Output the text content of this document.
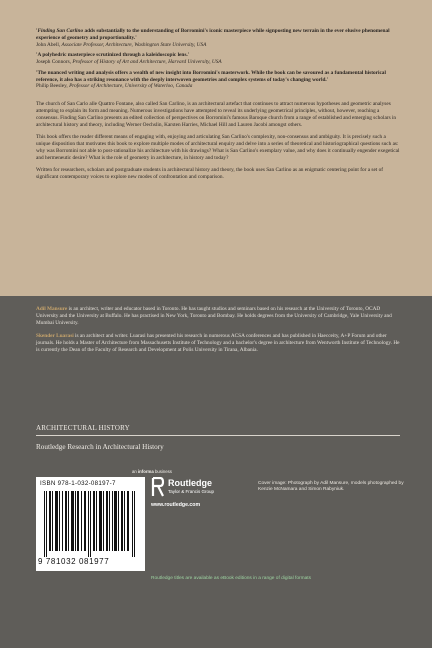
'Finding San Carlino adds substantially to the understanding of Borromini's iconic masterpiece while signposting new terrain in the ever elusive phenomenal experience of geometry and proportionality.'
John Abell, Associate Professor, Architecture, Washington State University, USA
'A polyhedric masterpiece scrutinized through a kaleidoscopic lens.'
Joseph Connors, Professor of History of Art and Architecture, Harvard University, USA
'The nuanced writing and analysis offers a wealth of new insight into Borromini's masterwork. While the book can be savoured as a fundamental historical reference, it also has a striking resonance with the deeply interwoven geometries and complex systems of today's changing world.'
Philip Beesley, Professor of Architecture, University of Waterloo, Canada

The church of San Carlo alle Quattro Fontane, also called San Carlino, is an architectural artefact that continues to attract numerous hypotheses and geometric analyses attempting to explain its form and meaning. Numerous investigations have attempted to reveal its underlying geometrical principles, without, however, reaching a consensus. Finding San Carlino presents an edited collection of perspectives on Borromini's famous Baroque church from a range of established and emerging scholars in architectural history and theory, including Werner Oechslin, Karsten Harries, Michael Hill and Lauren Jacobi amongst others.

This book offers the reader different means of engaging with, enjoying and articulating San Carlino's complexity, non-consensus and ambiguity. It is precisely such a unique disposition that motivates this book to explore multiple modes of architectural enquiry and delve into a series of theoretical and historiographical questions such as: why was Borromini not able to post-rationalize his architecture with his drawings? What is San Carlino's exemplary value, and why does it continually engender exegetical and hermeneutic desire? What is the role of geometry in architecture, in history and today?

Written for researchers, scholars and postgraduate students in architectural history and theory, the book uses San Carlino as an enigmatic centering point for a set of significant contemporary voices to explore new modes of confrontation and comparison.

Adil Mansure is an architect, writer and educator based in Toronto. He has taught studios and seminars based on his research at the University of Toronto, OCAD University and the University at Buffalo. He has practised in New York, Toronto and Bombay. He holds degrees from the University of Cambridge, Yale University and Mumbai University.

Skender Luarasi is an architect and writer. Luarasi has presented his research in numerous ACSA conferences and has published in Haecceity, A+P Forum and other journals. He holds a Master of Architecture from Massachusetts Institute of Technology and a bachelor's degree in architecture from Wentworth Institute of Technology. He is currently the Dean of the Faculty of Research and Development at Polis University in Tirana, Albania.

ARCHITECTURAL HISTORY
Routledge Research in Architectural History
an informa business
ISBN 978-1-032-08197-7
9 781032 081977
Routledge
Taylor & Francis Group
www.routledge.com
Cover image: Photograph by Adil Mansure, models photographed by Kenzie McNamara and Simon Rabyniuk.
Routledge titles are available as eBook editions in a range of digital formats
